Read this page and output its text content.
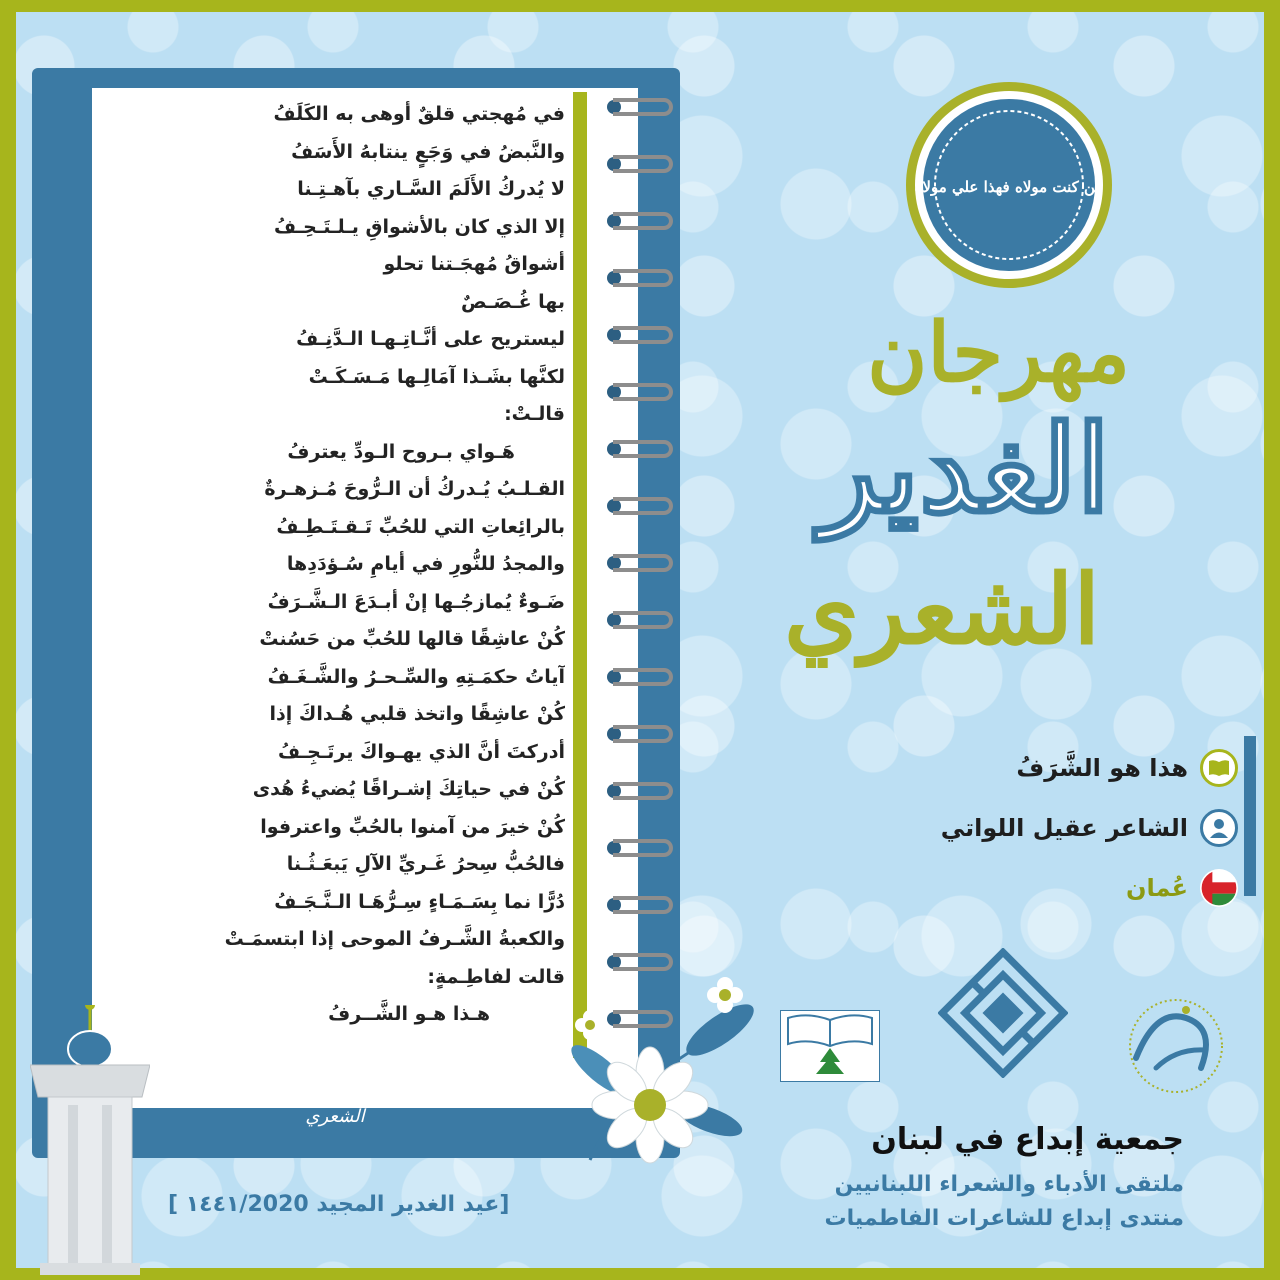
في مُهجتي قلقٌ أوهى به الكَلَفُ
والنَّبضُ في وَجَعٍ ينتابهُ الأَسَفُ
لا يُدركُ الأَلَمَ السَّـاري بآهـتِـنا
إلا الذي كان بالأشواقِ يـلـتَـحِـفُ
أشواقُ مُهجَـتنا تحلو
بها غُـصَـصٌ
ليستريح على أنَّـاتِـهـا الـدَّنِـفُ
لكنَّها بشَـذا آمَالِـها مَـسَـكَـتْ
قالـتْ:
هَـواي بـروح الـودِّ يعترفُ
القـلـبُ يُـدركُ أن الـرُّوحَ مُـزهـرةٌ
بالرائِعاتِ التي للحُبِّ تَـقـتَـطِـفُ
والمجدُ للنُّورِ في أيامِ سُـؤدَدِها
ضَـوءٌ يُمازجُـها إنْ أبـدَعَ الـشَّـرَفُ
كُنْ عاشِقًا قالها للحُبِّ من حَسُنتْ
آياتُ حكمَـتِهِ والسِّـحـرُ والشَّـغَـفُ
كُنْ عاشِقًا واتخذ قلبي هُـداكَ إذا
أدركتَ أنَّ الذي يهـواكَ يرتَـجِـفُ
كُنْ في حياتِكَ إشـراقًا يُضيءُ هُدى
كُنْ خيرَ من آمنوا بالحُبِّ واعترفوا
فالحُبُّ سِحرُ غَـريِّ الآلِ يَبعَـثُـنا
دُرًّا نما بِسَـمَـاءٍ سِـرُّهَـا الـنَّـجَـفُ
والكعبةُ الشَّـرفُ الموحى إذا ابتسمَـتْ
قالت لفاطِـمةٍ:
هـذا هـو الشَّــرفُ
مهرجان الغدير الشعري
من كنت مولاه فهذا علي مولاه
مهرجان
الغدير
الشعري
هذا هو الشَّرَفُ
الشاعر عقيل اللواتي
عُمان
جمعية إبداع في لبنان
ملتقى الأدباء والشعراء اللبنانيين
منتدى إبداع للشاعرات الفاطميات
[عيد الغدير المجيد ١٤٤١/2020 ]
